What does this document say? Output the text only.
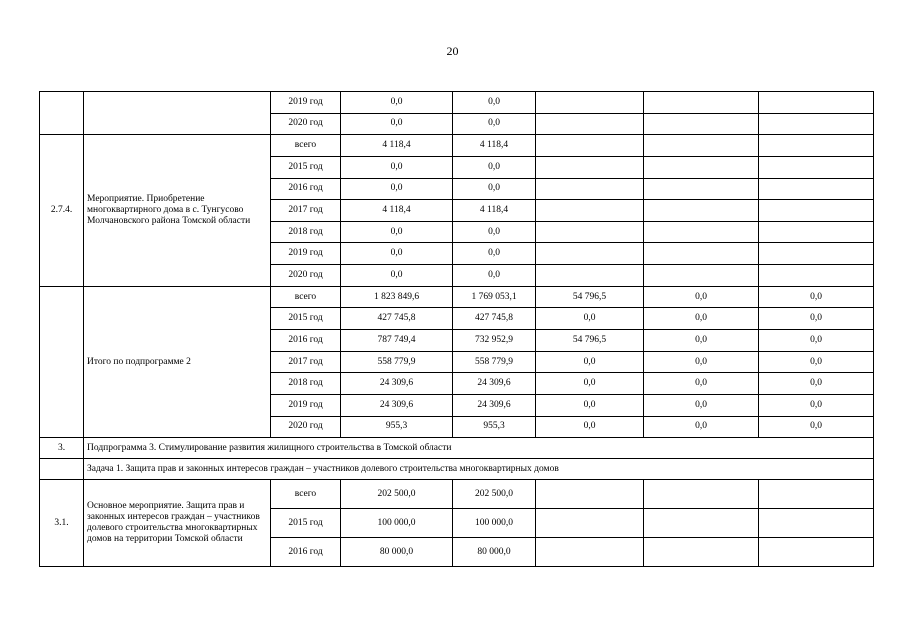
20
		2019 год	0,0	0,0			
		2020 год	0,0	0,0			
2.7.4.	Мероприятие. Приобретение многоквартирного дома в с. Тунгусово Молчановского района Томской области	всего	4 118,4	4 118,4			
		2015 год	0,0	0,0			
		2016 год	0,0	0,0			
		2017 год	4 118,4	4 118,4			
		2018 год	0,0	0,0			
		2019 год	0,0	0,0			
		2020 год	0,0	0,0			
	Итого по подпрограмме 2	всего	1 823 849,6	1 769 053,1	54 796,5	0,0	0,0
		2015 год	427 745,8	427 745,8	0,0	0,0	0,0
		2016 год	787 749,4	732 952,9	54 796,5	0,0	0,0
		2017 год	558 779,9	558 779,9	0,0	0,0	0,0
		2018 год	24 309,6	24 309,6	0,0	0,0	0,0
		2019 год	24 309,6	24 309,6	0,0	0,0	0,0
		2020 год	955,3	955,3	0,0	0,0	0,0
3.	Подпрограмма 3. Стимулирование развития жилищного строительства в Томской области						
	Задача 1. Защита прав и законных интересов граждан – участников долевого строительства многоквартирных домов						
3.1.	Основное мероприятие. Защита прав и законных интересов граждан – участников долевого строительства многоквартирных домов на территории Томской области	всего	202 500,0	202 500,0			
		2015 год	100 000,0	100 000,0			
		2016 год	80 000,0	80 000,0			
